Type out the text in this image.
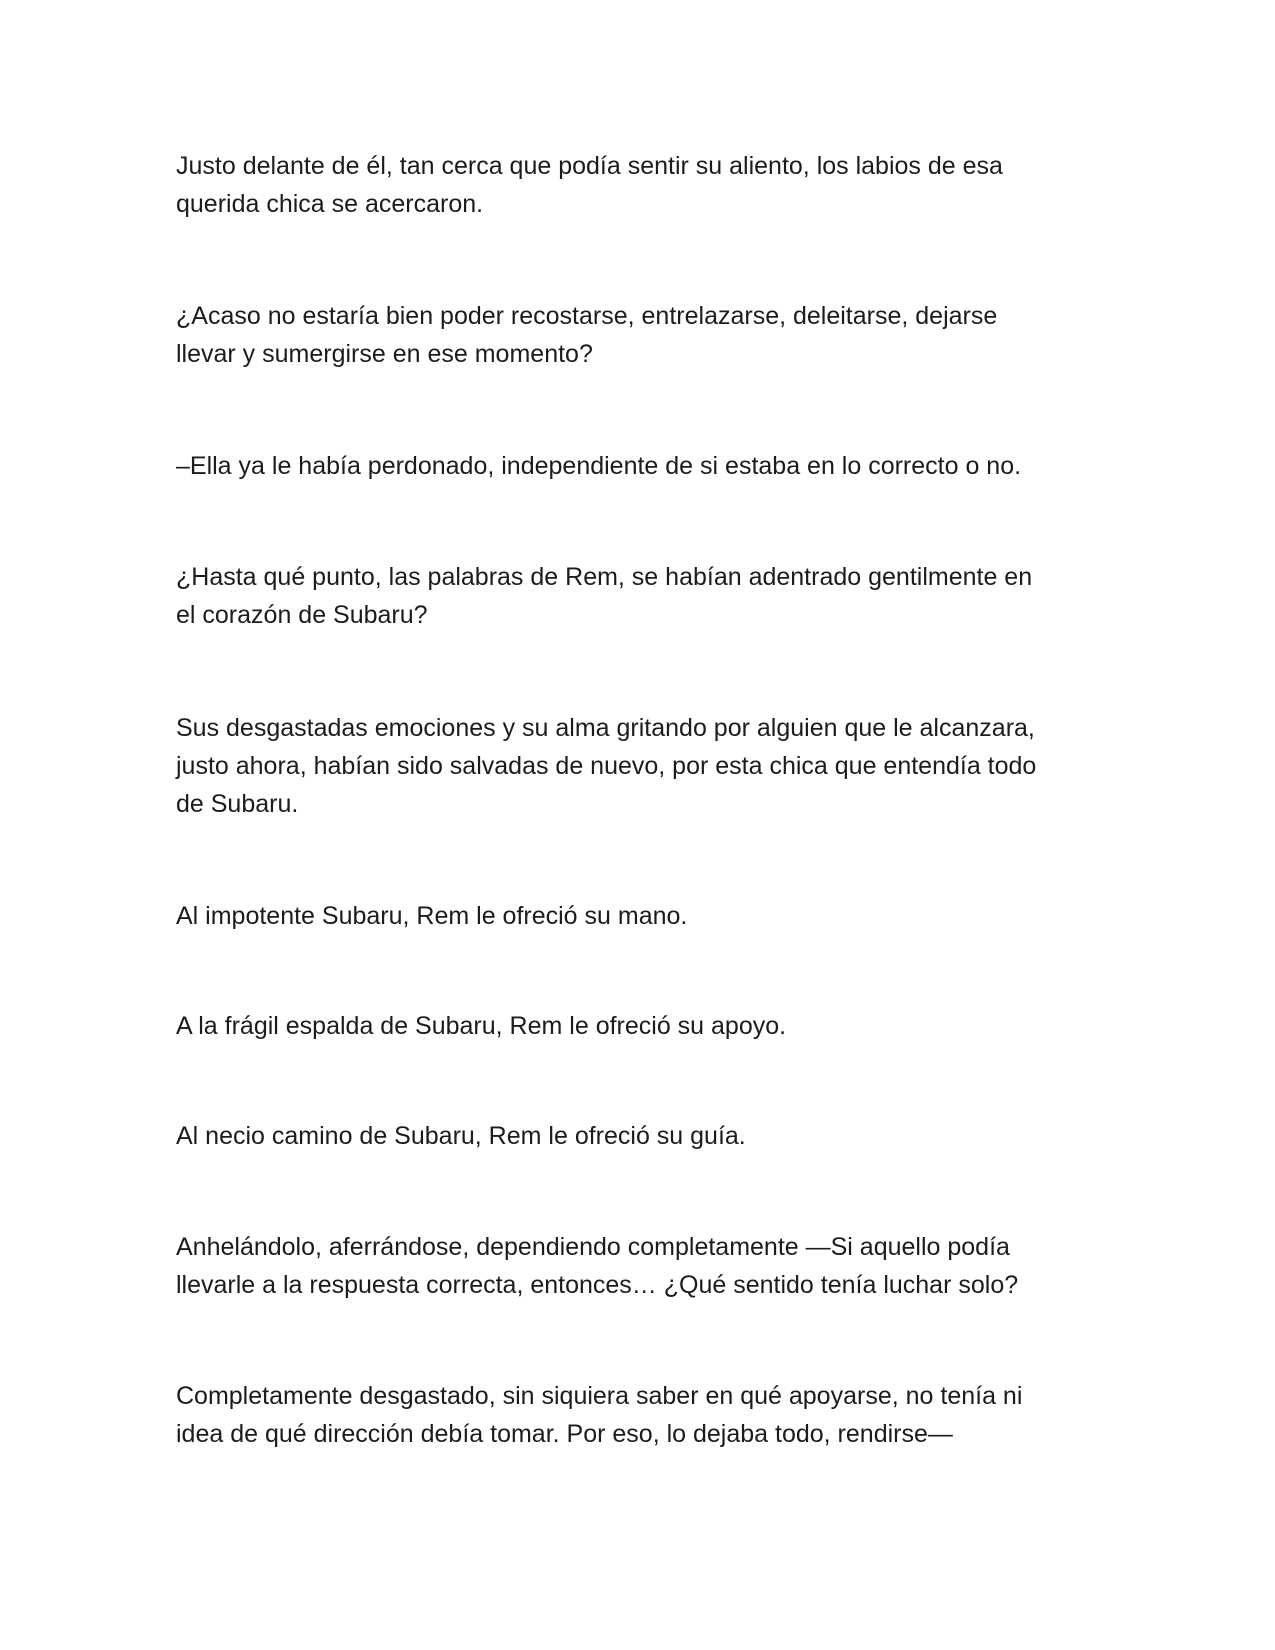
Justo delante de él, tan cerca que podía sentir su aliento, los labios de esa
querida chica se acercaron.

¿Acaso no estaría bien poder recostarse, entrelazarse, deleitarse, dejarse
llevar y sumergirse en ese momento?

–Ella ya le había perdonado, independiente de si estaba en lo correcto o no.

¿Hasta qué punto, las palabras de Rem, se habían adentrado gentilmente en
el corazón de Subaru?

Sus desgastadas emociones y su alma gritando por alguien que le alcanzara,
justo ahora, habían sido salvadas de nuevo, por esta chica que entendía todo
de Subaru.

Al impotente Subaru, Rem le ofreció su mano.

A la frágil espalda de Subaru, Rem le ofreció su apoyo.

Al necio camino de Subaru, Rem le ofreció su guía.

Anhelándolo, aferrándose, dependiendo completamente —Si aquello podía
llevarle a la respuesta correcta, entonces… ¿Qué sentido tenía luchar solo?

Completamente desgastado, sin siquiera saber en qué apoyarse, no tenía ni
idea de qué dirección debía tomar. Por eso, lo dejaba todo, rendirse—
